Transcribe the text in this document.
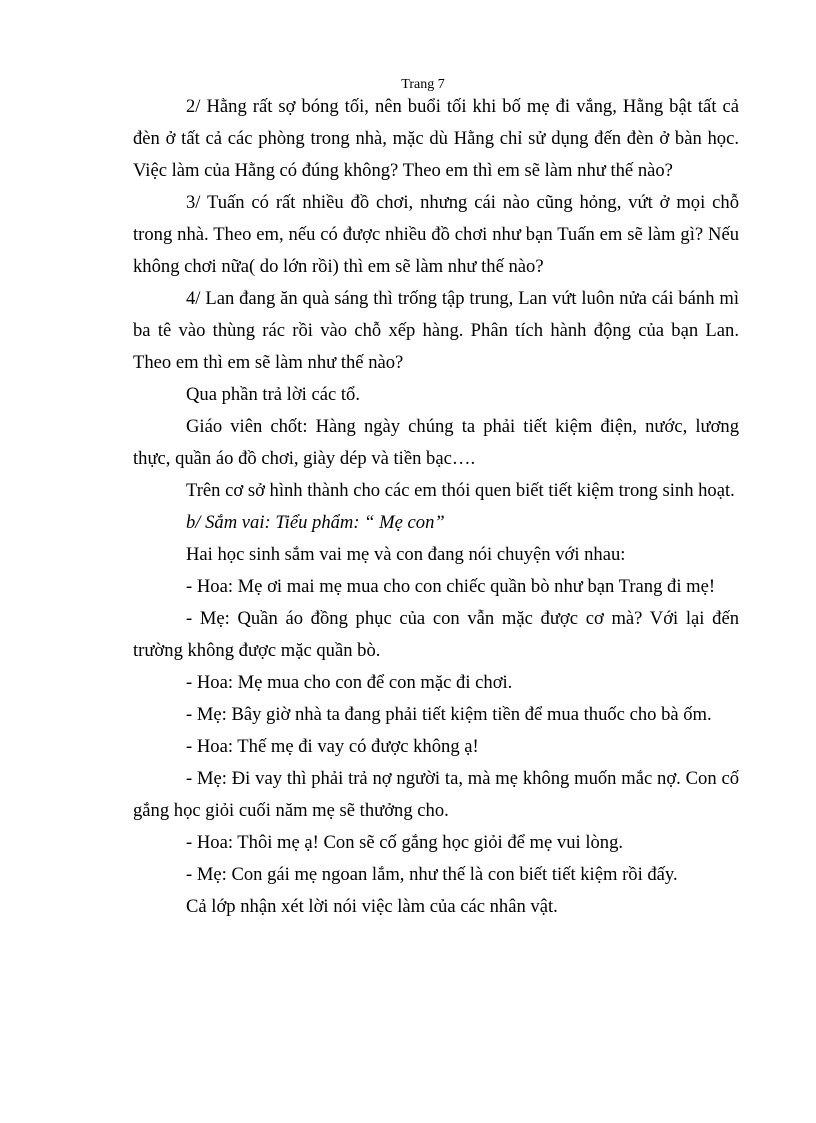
Trang 7

2/ Hằng rất sợ bóng tối, nên buổi tối khi bố mẹ đi vắng, Hằng bật tất cả đèn ở tất cả các phòng trong nhà, mặc dù Hằng chỉ sử dụng đến đèn ở bàn học. Việc làm của Hằng có đúng không? Theo em thì em sẽ làm như thế nào?

3/ Tuấn có rất nhiều đồ chơi, nhưng cái nào cũng hỏng, vứt ở mọi chỗ trong nhà. Theo em, nếu có được nhiều đồ chơi như bạn Tuấn em sẽ làm gì? Nếu không chơi nữa( do lớn rồi) thì em sẽ làm như thế nào?

4/ Lan đang ăn quà sáng thì trống tập trung, Lan vứt luôn nửa cái bánh mì ba tê vào thùng rác rồi vào chỗ xếp hàng. Phân tích hành động của bạn Lan. Theo em thì em sẽ làm như thế nào?

Qua phần trả lời các tổ.

Giáo viên chốt: Hàng ngày chúng ta phải tiết kiệm điện, nước, lương thực, quần áo đồ chơi, giày dép và tiền bạc….

Trên cơ sở hình thành cho các em thói quen biết tiết kiệm trong sinh hoạt.

b/ Sắm vai: Tiểu phẩm: “ Mẹ con”

Hai học sinh sắm vai mẹ và con đang nói chuyện với nhau:

- Hoa: Mẹ ơi mai mẹ mua cho con chiếc quần bò như bạn Trang đi mẹ!

- Mẹ: Quần áo đồng phục của con vẫn mặc được cơ mà? Với lại đến trường không được mặc quần bò.

- Hoa: Mẹ mua cho con để con mặc đi chơi.

- Mẹ: Bây giờ nhà ta đang phải tiết kiệm tiền để mua thuốc cho bà ốm.

- Hoa: Thế mẹ đi vay có được không ạ!

- Mẹ: Đi vay thì phải trả nợ người ta, mà mẹ không muốn mắc nợ. Con cố gắng học giỏi cuối năm mẹ sẽ thưởng cho.

- Hoa: Thôi mẹ ạ! Con sẽ cố gắng học giỏi để mẹ vui lòng.

- Mẹ: Con gái mẹ ngoan lắm, như thế là con biết tiết kiệm rồi đấy.

Cả lớp nhận xét lời nói việc làm của các nhân vật.
